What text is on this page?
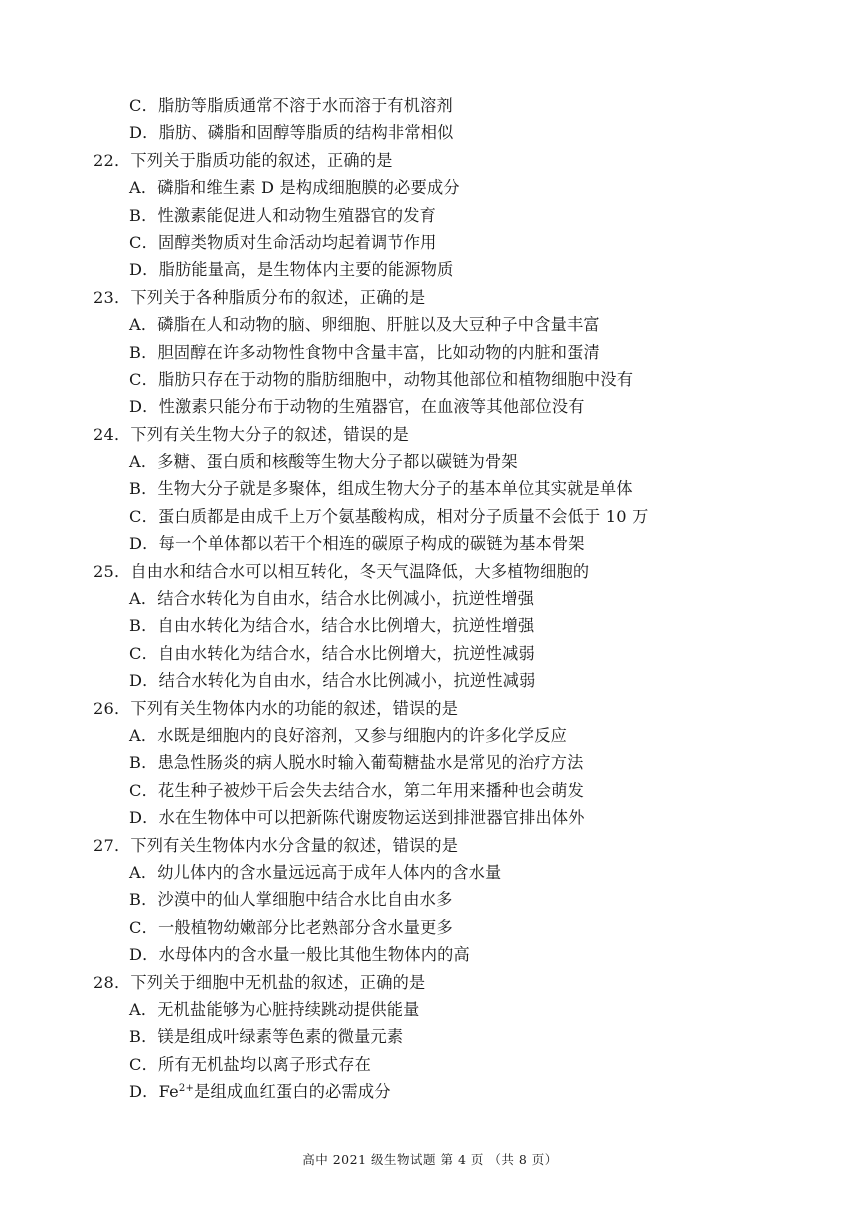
C．脂肪等脂质通常不溶于水而溶于有机溶剂
D．脂肪、磷脂和固醇等脂质的结构非常相似
22．下列关于脂质功能的叙述，正确的是
A．磷脂和维生素 D 是构成细胞膜的必要成分
B．性激素能促进人和动物生殖器官的发育
C．固醇类物质对生命活动均起着调节作用
D．脂肪能量高，是生物体内主要的能源物质
23．下列关于各种脂质分布的叙述，正确的是
A．磷脂在人和动物的脑、卵细胞、肝脏以及大豆种子中含量丰富
B．胆固醇在许多动物性食物中含量丰富，比如动物的内脏和蛋清
C．脂肪只存在于动物的脂肪细胞中，动物其他部位和植物细胞中没有
D．性激素只能分布于动物的生殖器官，在血液等其他部位没有
24．下列有关生物大分子的叙述，错误的是
A．多糖、蛋白质和核酸等生物大分子都以碳链为骨架
B．生物大分子就是多聚体，组成生物大分子的基本单位其实就是单体
C．蛋白质都是由成千上万个氨基酸构成，相对分子质量不会低于 10 万
D．每一个单体都以若干个相连的碳原子构成的碳链为基本骨架
25．自由水和结合水可以相互转化，冬天气温降低，大多植物细胞的
A．结合水转化为自由水，结合水比例减小，抗逆性增强
B．自由水转化为结合水，结合水比例增大，抗逆性增强
C．自由水转化为结合水，结合水比例增大，抗逆性减弱
D．结合水转化为自由水，结合水比例减小，抗逆性减弱
26．下列有关生物体内水的功能的叙述，错误的是
A．水既是细胞内的良好溶剂，又参与细胞内的许多化学反应
B．患急性肠炎的病人脱水时输入葡萄糖盐水是常见的治疗方法
C．花生种子被炒干后会失去结合水，第二年用来播种也会萌发
D．水在生物体中可以把新陈代谢废物运送到排泄器官排出体外
27．下列有关生物体内水分含量的叙述，错误的是
A．幼儿体内的含水量远远高于成年人体内的含水量
B．沙漠中的仙人掌细胞中结合水比自由水多
C．一般植物幼嫩部分比老熟部分含水量更多
D．水母体内的含水量一般比其他生物体内的高
28．下列关于细胞中无机盐的叙述，正确的是
A．无机盐能够为心脏持续跳动提供能量
B．镁是组成叶绿素等色素的微量元素
C．所有无机盐均以离子形式存在
D．$Fe^{2+}$是组成血红蛋白的必需成分
高中 2021 级生物试题 第 4 页 （共 8 页）
